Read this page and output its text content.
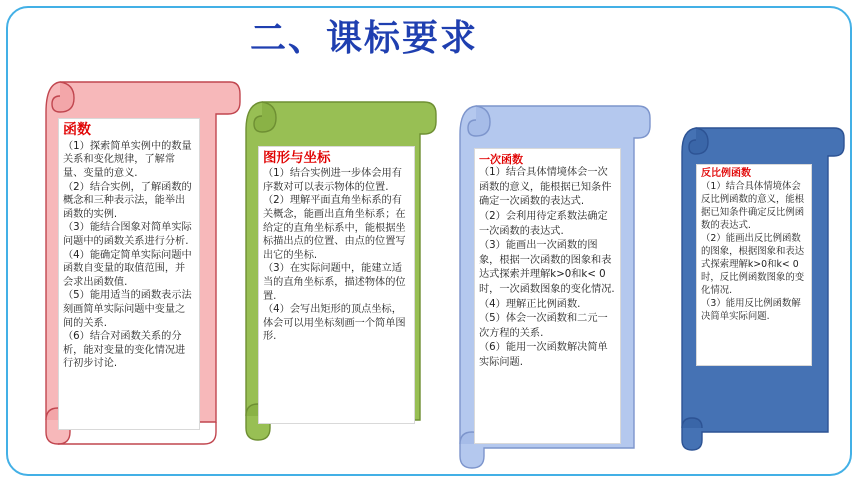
二、课标要求
函数

（1）探索简单实例中的数量关系和变化规律，了解常量、变量的意义.

（2）结合实例，了解函数的概念和三种表示法，能举出函数的实例.

（3）能结合图象对简单实际问题中的函数关系进行分析.

（4）能确定简单实际问题中函数自变量的取值范围，并会求出函数值.

（5）能用适当的函数表示法刻画简单实际问题中变量之间的关系.

（6）结合对函数关系的分析，能对变量的变化情况进行初步讨论.

图形与坐标

（1）结合实例进一步体会用有序数对可以表示物体的位置.

（2）理解平面直角坐标系的有关概念，能画出直角坐标系；在给定的直角坐标系中，能根据坐标描出点的位置、由点的位置写出它的坐标.

（3）在实际问题中，能建立适当的直角坐标系，描述物体的位置.

（4）会写出矩形的顶点坐标，体会可以用坐标刻画一个简单图形.

一次函数

（1）结合具体情境体会一次函数的意义，能根据已知条件确定一次函数的表达式.

（2）会利用待定系数法确定一次函数的表达式.

（3）能画出一次函数的图象，根据一次函数的图象和表达式探索并理解k>0和k< 0时，一次函数图象的变化情况.

（4）理解正比例函数.

（5）体会一次函数和二元一次方程的关系.

（6）能用一次函数解决简单实际问题.

反比例函数

（1）结合具体情境体会反比例函数的意义，能根据已知条件确定反比例函数的表达式.

（2）能画出反比例函数的图象，根据图象和表达式探索理解k>0和k< 0时，反比例函数图象的变化情况.

（3）能用反比例函数解决简单实际问题.
